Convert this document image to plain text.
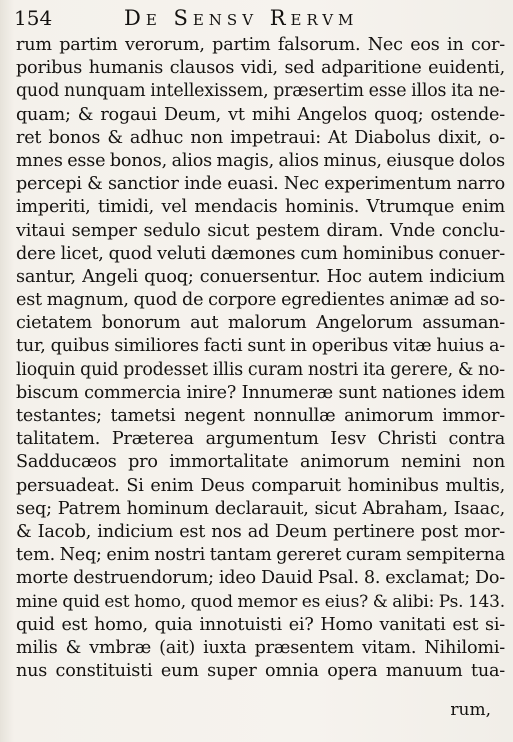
154	De Sensv Rervm
rum partim verorum, partim falsorum. Nec eos in cor-
poribus humanis clausos vidi, sed adparitione euidenti,
quod nunquam intellexissem, præsertim esse illos ita ne-
quam; & rogaui Deum, vt mihi Angelos quoq; ostende-
ret bonos & adhuc non impetraui: At Diabolus dixit, o-
mnes esse bonos, alios magis, alios minus, eiusque dolos
percepi & sanctior inde euasi. Nec experimentum narro
imperiti, timidi, vel mendacis hominis. Vtrumque enim
vitaui semper sedulo sicut pestem diram. Vnde conclu-
dere licet, quod veluti dæmones cum hominibus conuer-
santur, Angeli quoq; conuersentur. Hoc autem indicium
est magnum, quod de corpore egredientes animæ ad so-
cietatem bonorum aut malorum Angelorum assuman-
tur, quibus similiores facti sunt in operibus vitæ huius a-
lioquin quid prodesset illis curam nostri ita gerere, & no-
biscum commercia inire? Innumeræ sunt nationes idem
testantes; tametsi negent nonnullæ animorum immor-
talitatem. Præterea argumentum Iesv Christi contra
Sadducæos pro immortalitate animorum nemini non
persuadeat. Si enim Deus comparuit hominibus multis,
seq; Patrem hominum declarauit, sicut Abraham, Isaac,
& Iacob, indicium est nos ad Deum pertinere post mor-
tem. Neq; enim nostri tantam gereret curam sempiterna
morte destruendorum; ideo Dauid Psal. 8. exclamat; Do-
mine quid est homo, quod memor es eius? & alibi: Ps. 143.
quid est homo, quia innotuisti ei? Homo vanitati est si-
milis & vmbræ (ait) iuxta præsentem vitam. Nihilomi-
nus constituisti eum super omnia opera manuum tua-
rum,
